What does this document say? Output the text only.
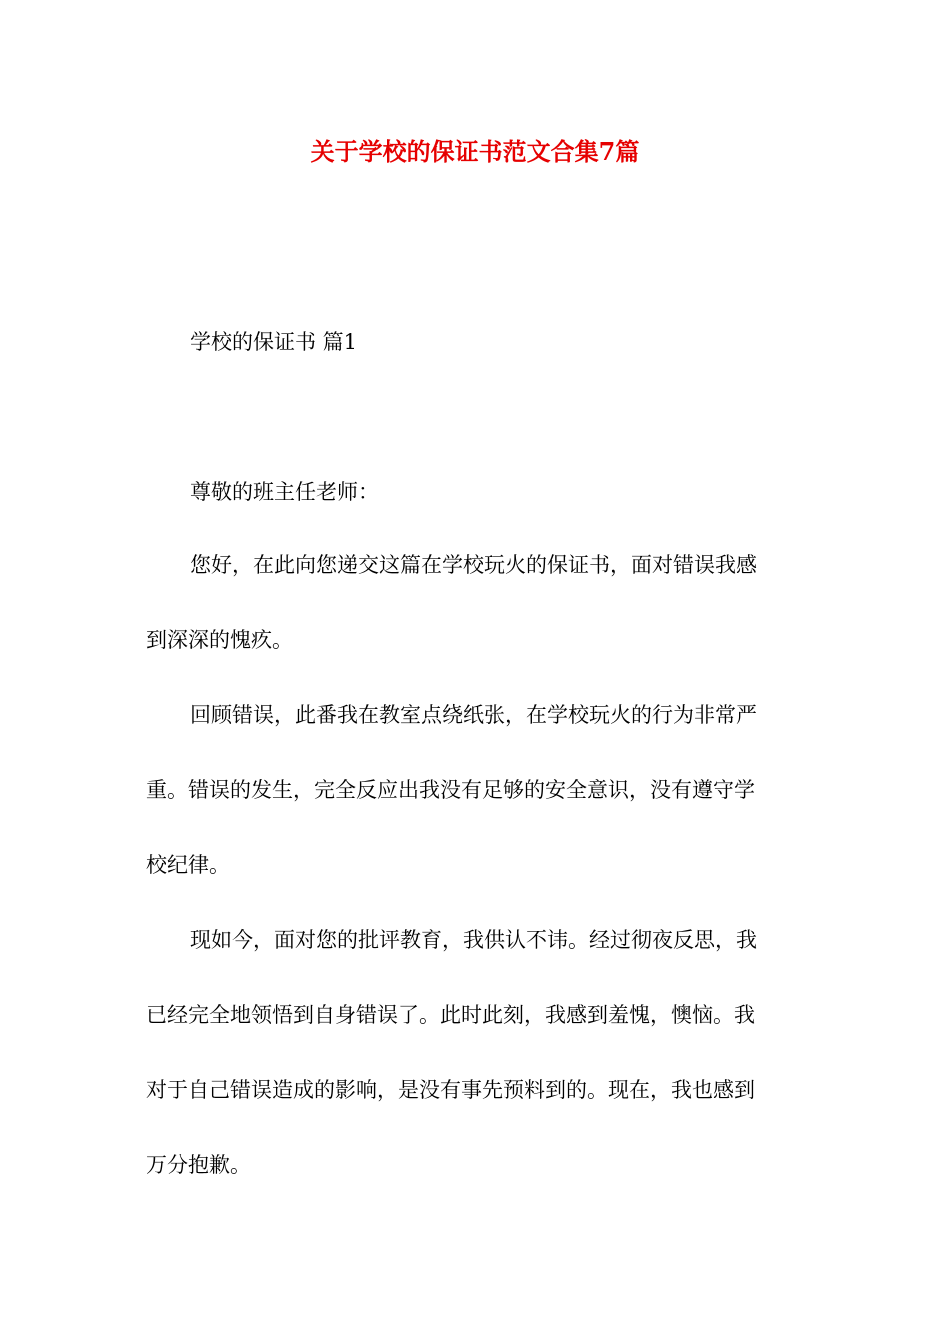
关于学校的保证书范文合集7篇

学校的保证书 篇1

尊敬的班主任老师：

您好，在此向您递交这篇在学校玩火的保证书，面对错误我感

到深深的愧疚。

回顾错误，此番我在教室点绕纸张，在学校玩火的行为非常严

重。错误的发生，完全反应出我没有足够的安全意识，没有遵守学

校纪律。

现如今，面对您的批评教育，我供认不讳。经过彻夜反思，我

已经完全地领悟到自身错误了。此时此刻，我感到羞愧，懊恼。我

对于自己错误造成的影响，是没有事先预料到的。现在，我也感到

万分抱歉。
